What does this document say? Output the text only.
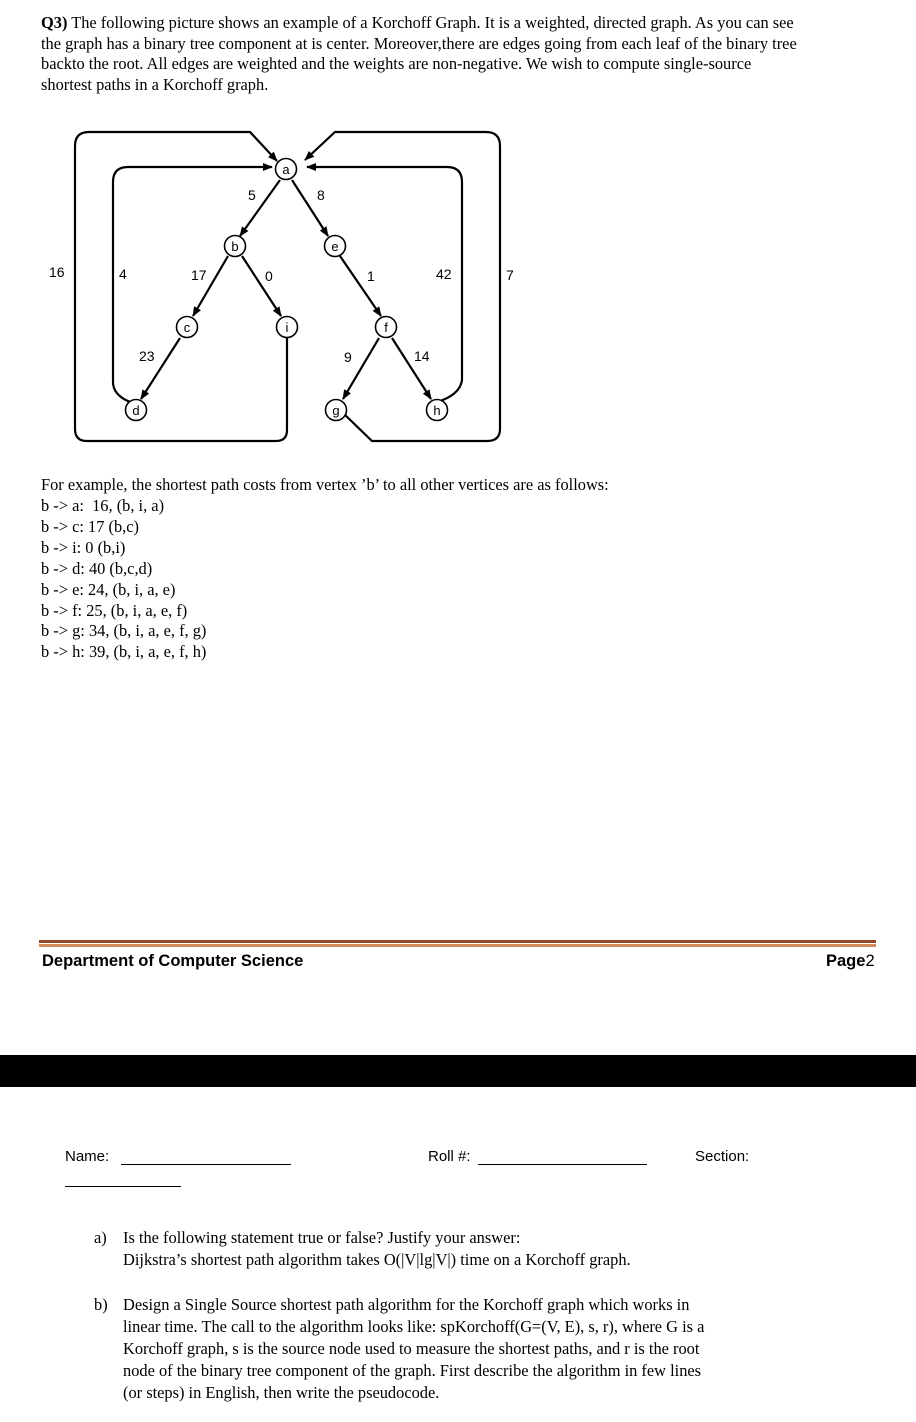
Q3) The following picture shows an example of a Korchoff Graph. It is a weighted, directed graph. As you can see
the graph has a binary tree component at is center. Moreover,there are edges going from each leaf of the binary tree
backto the root. All edges are weighted and the weights are non-negative. We wish to compute single-source
shortest paths in a Korchoff graph.
a
b	e
c	i	f
d	g	h
5	8
17	0	1
23	9	14
4
16	7
42
For example, the shortest path costs from vertex ’b’ to all other vertices are as follows:
b -> a:  16, (b, i, a)
b -> c: 17 (b,c)
b -> i: 0 (b,i)
b -> d: 40 (b,c,d)
b -> e: 24, (b, i, a, e)
b -> f: 25, (b, i, a, e, f)
b -> g: 34, (b, i, a, e, f, g)
b -> h: 39, (b, i, a, e, f, h)
Department of Computer Science	Page2
Name:	Roll #:	Section:
a) Is the following statement true or false? Justify your answer:
Dijkstra’s shortest path algorithm takes O(|V|lg|V|) time on a Korchoff graph.
b) Design a Single Source shortest path algorithm for the Korchoff graph which works in
linear time. The call to the algorithm looks like: spKorchoff(G=(V, E), s, r), where G is a
Korchoff graph, s is the source node used to measure the shortest paths, and r is the root
node of the binary tree component of the graph. First describe the algorithm in few lines
(or steps) in English, then write the pseudocode.
